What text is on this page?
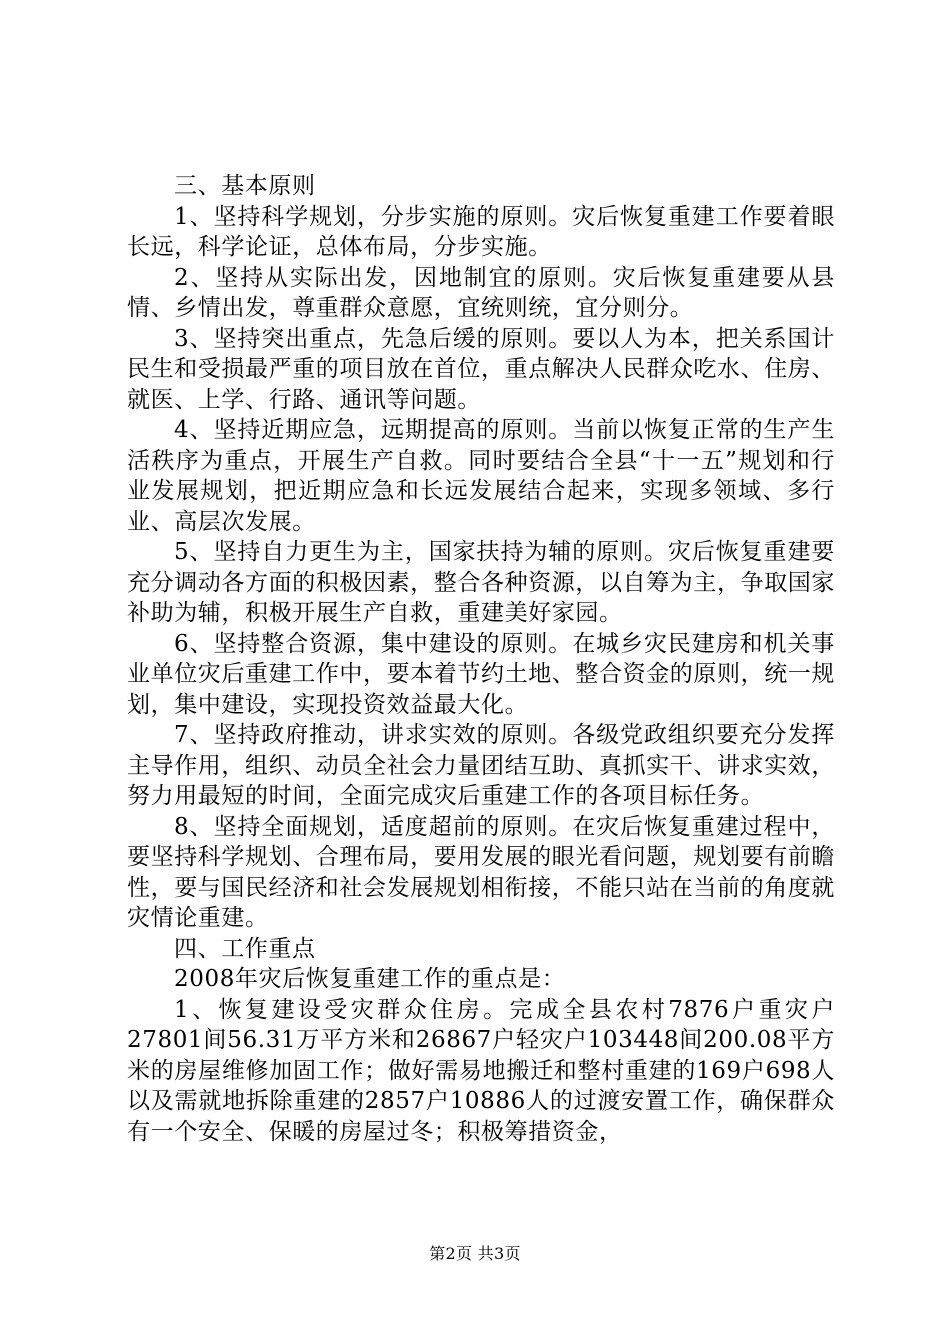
三、基本原则

1、坚持科学规划，分步实施的原则。灾后恢复重建工作要着眼长远，科学论证，总体布局，分步实施。

2、坚持从实际出发，因地制宜的原则。灾后恢复重建要从县情、乡情出发，尊重群众意愿，宜统则统，宜分则分。

3、坚持突出重点，先急后缓的原则。要以人为本，把关系国计民生和受损最严重的项目放在首位，重点解决人民群众吃水、住房、就医、上学、行路、通讯等问题。

4、坚持近期应急，远期提高的原则。当前以恢复正常的生产生活秩序为重点，开展生产自救。同时要结合全县“十一五”规划和行业发展规划，把近期应急和长远发展结合起来，实现多领域、多行业、高层次发展。

5、坚持自力更生为主，国家扶持为辅的原则。灾后恢复重建要充分调动各方面的积极因素，整合各种资源，以自筹为主，争取国家补助为辅，积极开展生产自救，重建美好家园。

6、坚持整合资源，集中建设的原则。在城乡灾民建房和机关事业单位灾后重建工作中，要本着节约土地、整合资金的原则，统一规划，集中建设，实现投资效益最大化。

7、坚持政府推动，讲求实效的原则。各级党政组织要充分发挥主导作用，组织、动员全社会力量团结互助、真抓实干、讲求实效，努力用最短的时间，全面完成灾后重建工作的各项目标任务。

8、坚持全面规划，适度超前的原则。在灾后恢复重建过程中，要坚持科学规划、合理布局，要用发展的眼光看问题，规划要有前瞻性，要与国民经济和社会发展规划相衔接，不能只站在当前的角度就灾情论重建。

四、工作重点

2008年灾后恢复重建工作的重点是：

1、恢复建设受灾群众住房。完成全县农村7876户重灾户27801间56.31万平方米和26867户轻灾户103448间200.08平方米的房屋维修加固工作；做好需易地搬迁和整村重建的169户698人以及需就地拆除重建的2857户10886人的过渡安置工作，确保群众有一个安全、保暖的房屋过冬；积极筹措资金，

第2页 共3页
